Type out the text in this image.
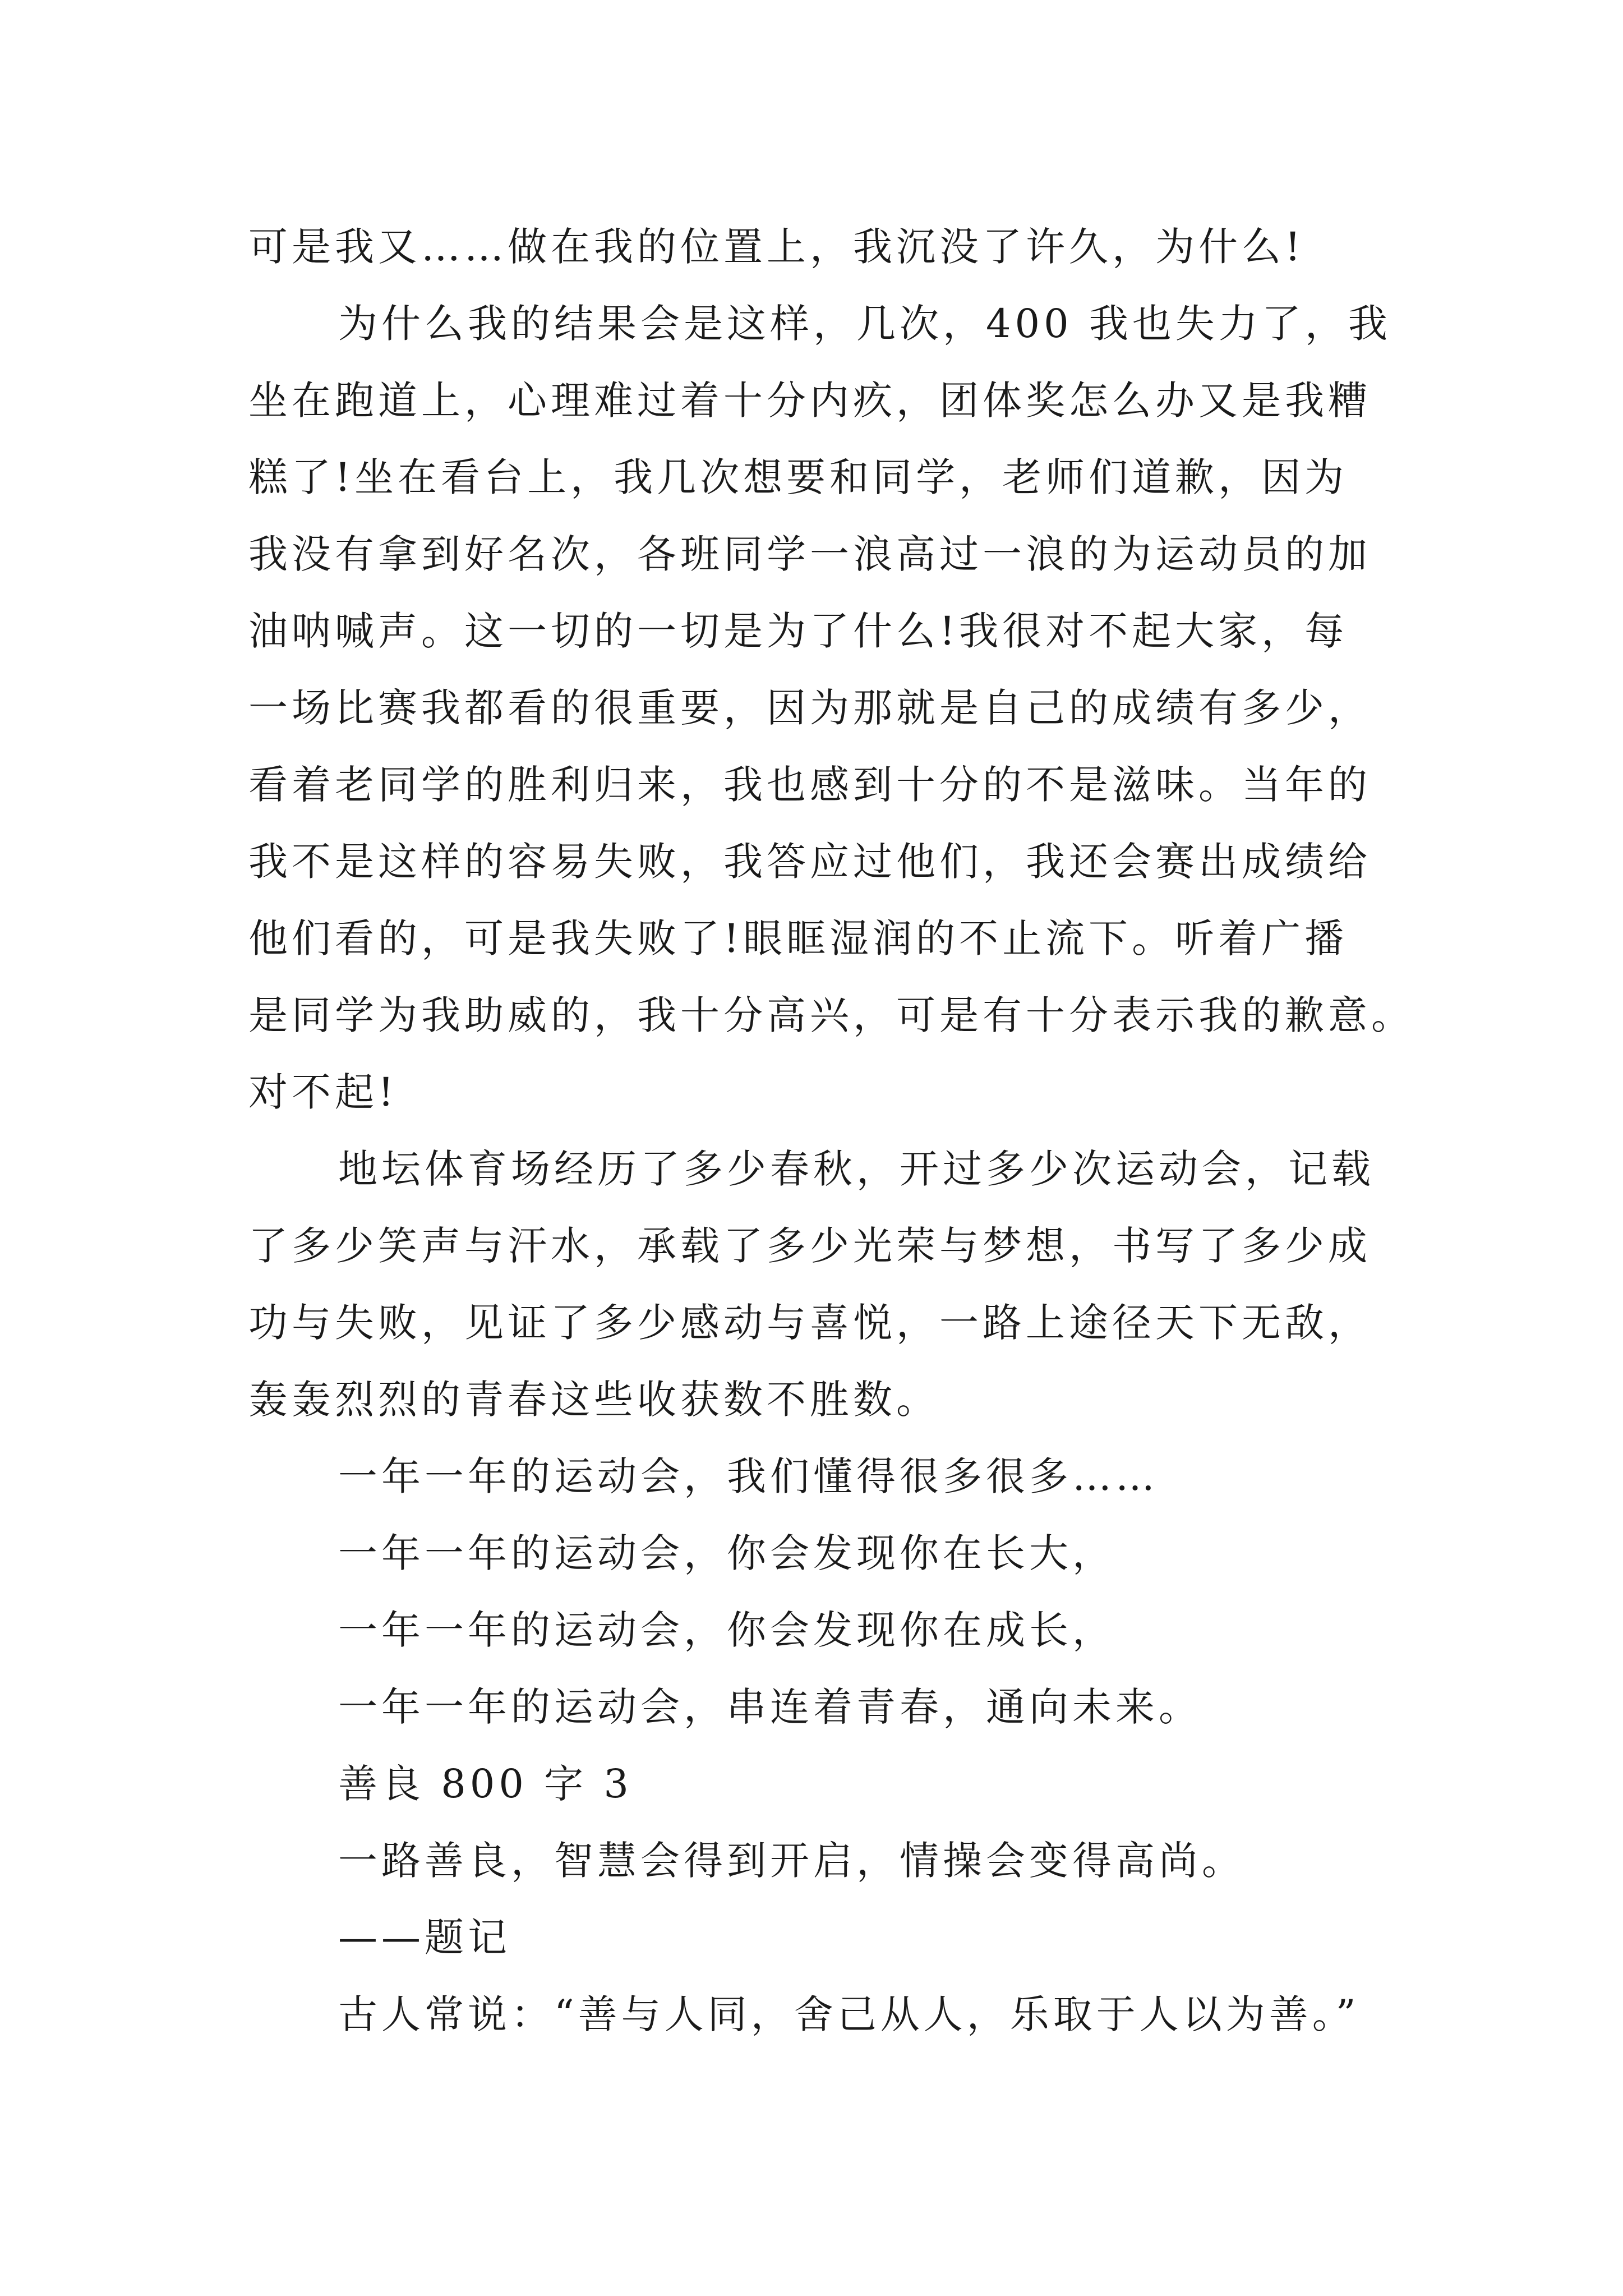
可是我又……做在我的位置上，我沉没了许久，为什么!
为什么我的结果会是这样，几次，400 我也失力了，我
坐在跑道上，心理难过着十分内疚，团体奖怎么办又是我糟
糕了!坐在看台上，我几次想要和同学，老师们道歉，因为
我没有拿到好名次，各班同学一浪高过一浪的为运动员的加
油呐喊声。这一切的一切是为了什么!我很对不起大家，每
一场比赛我都看的很重要，因为那就是自己的成绩有多少，
看着老同学的胜利归来，我也感到十分的不是滋味。当年的
我不是这样的容易失败，我答应过他们，我还会赛出成绩给
他们看的，可是我失败了!眼眶湿润的不止流下。听着广播
是同学为我助威的，我十分高兴，可是有十分表示我的歉意。
对不起!
地坛体育场经历了多少春秋，开过多少次运动会，记载
了多少笑声与汗水，承载了多少光荣与梦想，书写了多少成
功与失败，见证了多少感动与喜悦，一路上途径天下无敌，
轰轰烈烈的青春这些收获数不胜数。
一年一年的运动会，我们懂得很多很多……
一年一年的运动会，你会发现你在长大，
一年一年的运动会，你会发现你在成长，
一年一年的运动会，串连着青春，通向未来。
善良 800 字 3
一路善良，智慧会得到开启，情操会变得高尚。
——题记
古人常说：“善与人同，舍己从人，乐取于人以为善。”
